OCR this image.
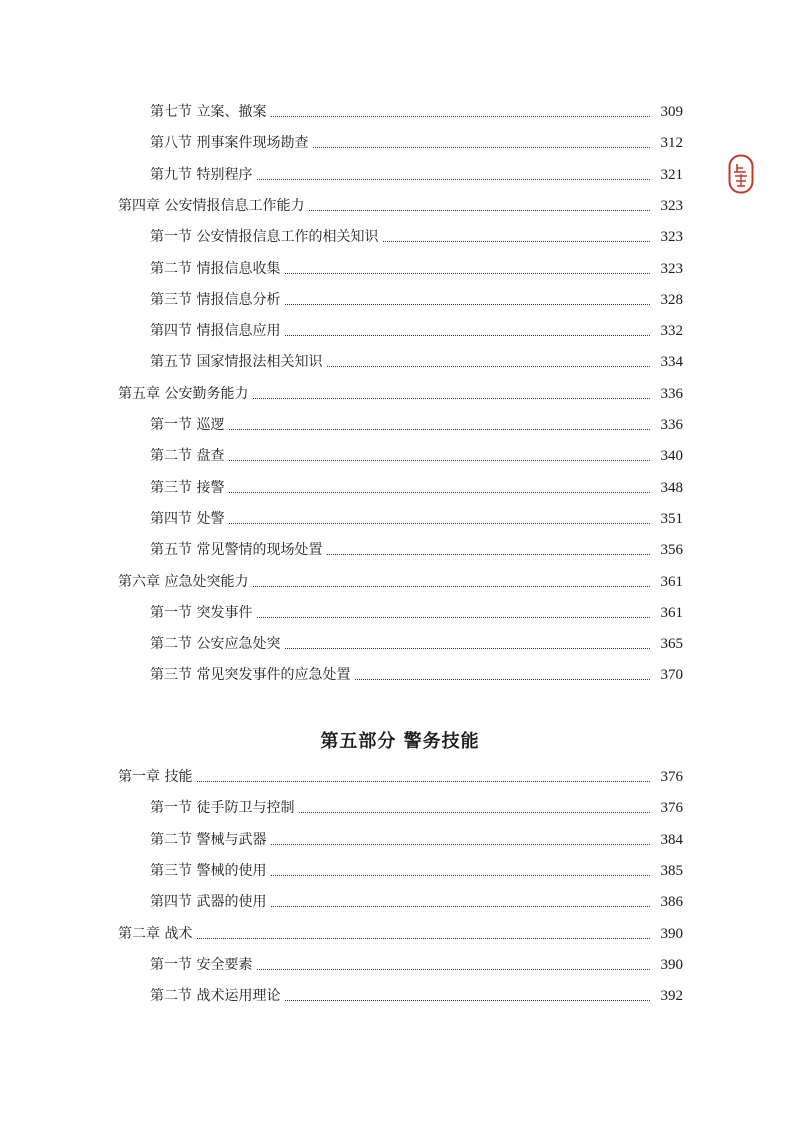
第七节 立案、撤案	309
第八节 刑事案件现场勘查	312
第九节 特别程序	321
第四章 公安情报信息工作能力	323
第一节 公安情报信息工作的相关知识	323
第二节 情报信息收集	323
第三节 情报信息分析	328
第四节 情报信息应用	332
第五节 国家情报法相关知识	334
第五章 公安勤务能力	336
第一节 巡逻	336
第二节 盘查	340
第三节 接警	348
第四节 处警	351
第五节 常见警情的现场处置	356
第六章 应急处突能力	361
第一节 突发事件	361
第二节 公安应急处突	365
第三节 常见突发事件的应急处置	370
第一章 技能	376
第一节 徒手防卫与控制	376
第二节 警械与武器	384
第三节 警械的使用	385
第四节 武器的使用	386
第二章 战术	390
第一节 安全要素	390
第二节 战术运用理论	392
第五部分 警务技能
